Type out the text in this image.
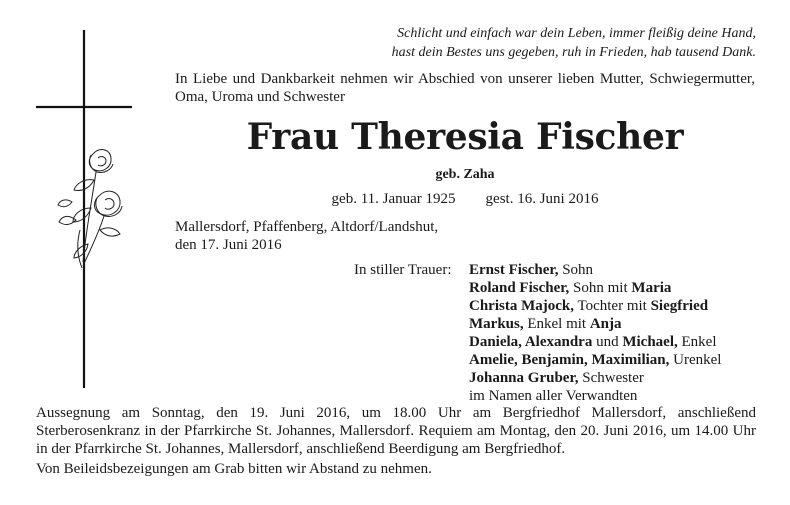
Schlicht und einfach war dein Leben, immer fleißig deine Hand,
hast dein Bestes uns gegeben, ruh in Frieden, hab tausend Dank.
In Liebe und Dankbarkeit nehmen wir Abschied von unserer lieben Mutter, Schwiegermutter, Oma, Uroma und Schwester
Frau Theresia Fischer
geb. Zaha
geb. 11. Januar 1925 gest. 16. Juni 2016
Mallersdorf, Pfaffenberg, Altdorf/Landshut,
den 17. Juni 2016
In stiller Trauer: Ernst Fischer, Sohn
Roland Fischer, Sohn mit Maria
Christa Majock, Tochter mit Siegfried
Markus, Enkel mit Anja
Daniela, Alexandra und Michael, Enkel
Amelie, Benjamin, Maximilian, Urenkel
Johanna Gruber, Schwester
im Namen aller Verwandten
Aussegnung am Sonntag, den 19. Juni 2016, um 18.00 Uhr am Bergfriedhof Mallersdorf, anschließend Sterberosenkranz in der Pfarrkirche St. Johannes, Mallersdorf. Requiem am Montag, den 20. Juni 2016, um 14.00 Uhr in der Pfarrkirche St. Johannes, Mallersdorf, anschließend Beerdigung am Bergfriedhof.
Von Beileidsbezeigungen am Grab bitten wir Abstand zu nehmen.
